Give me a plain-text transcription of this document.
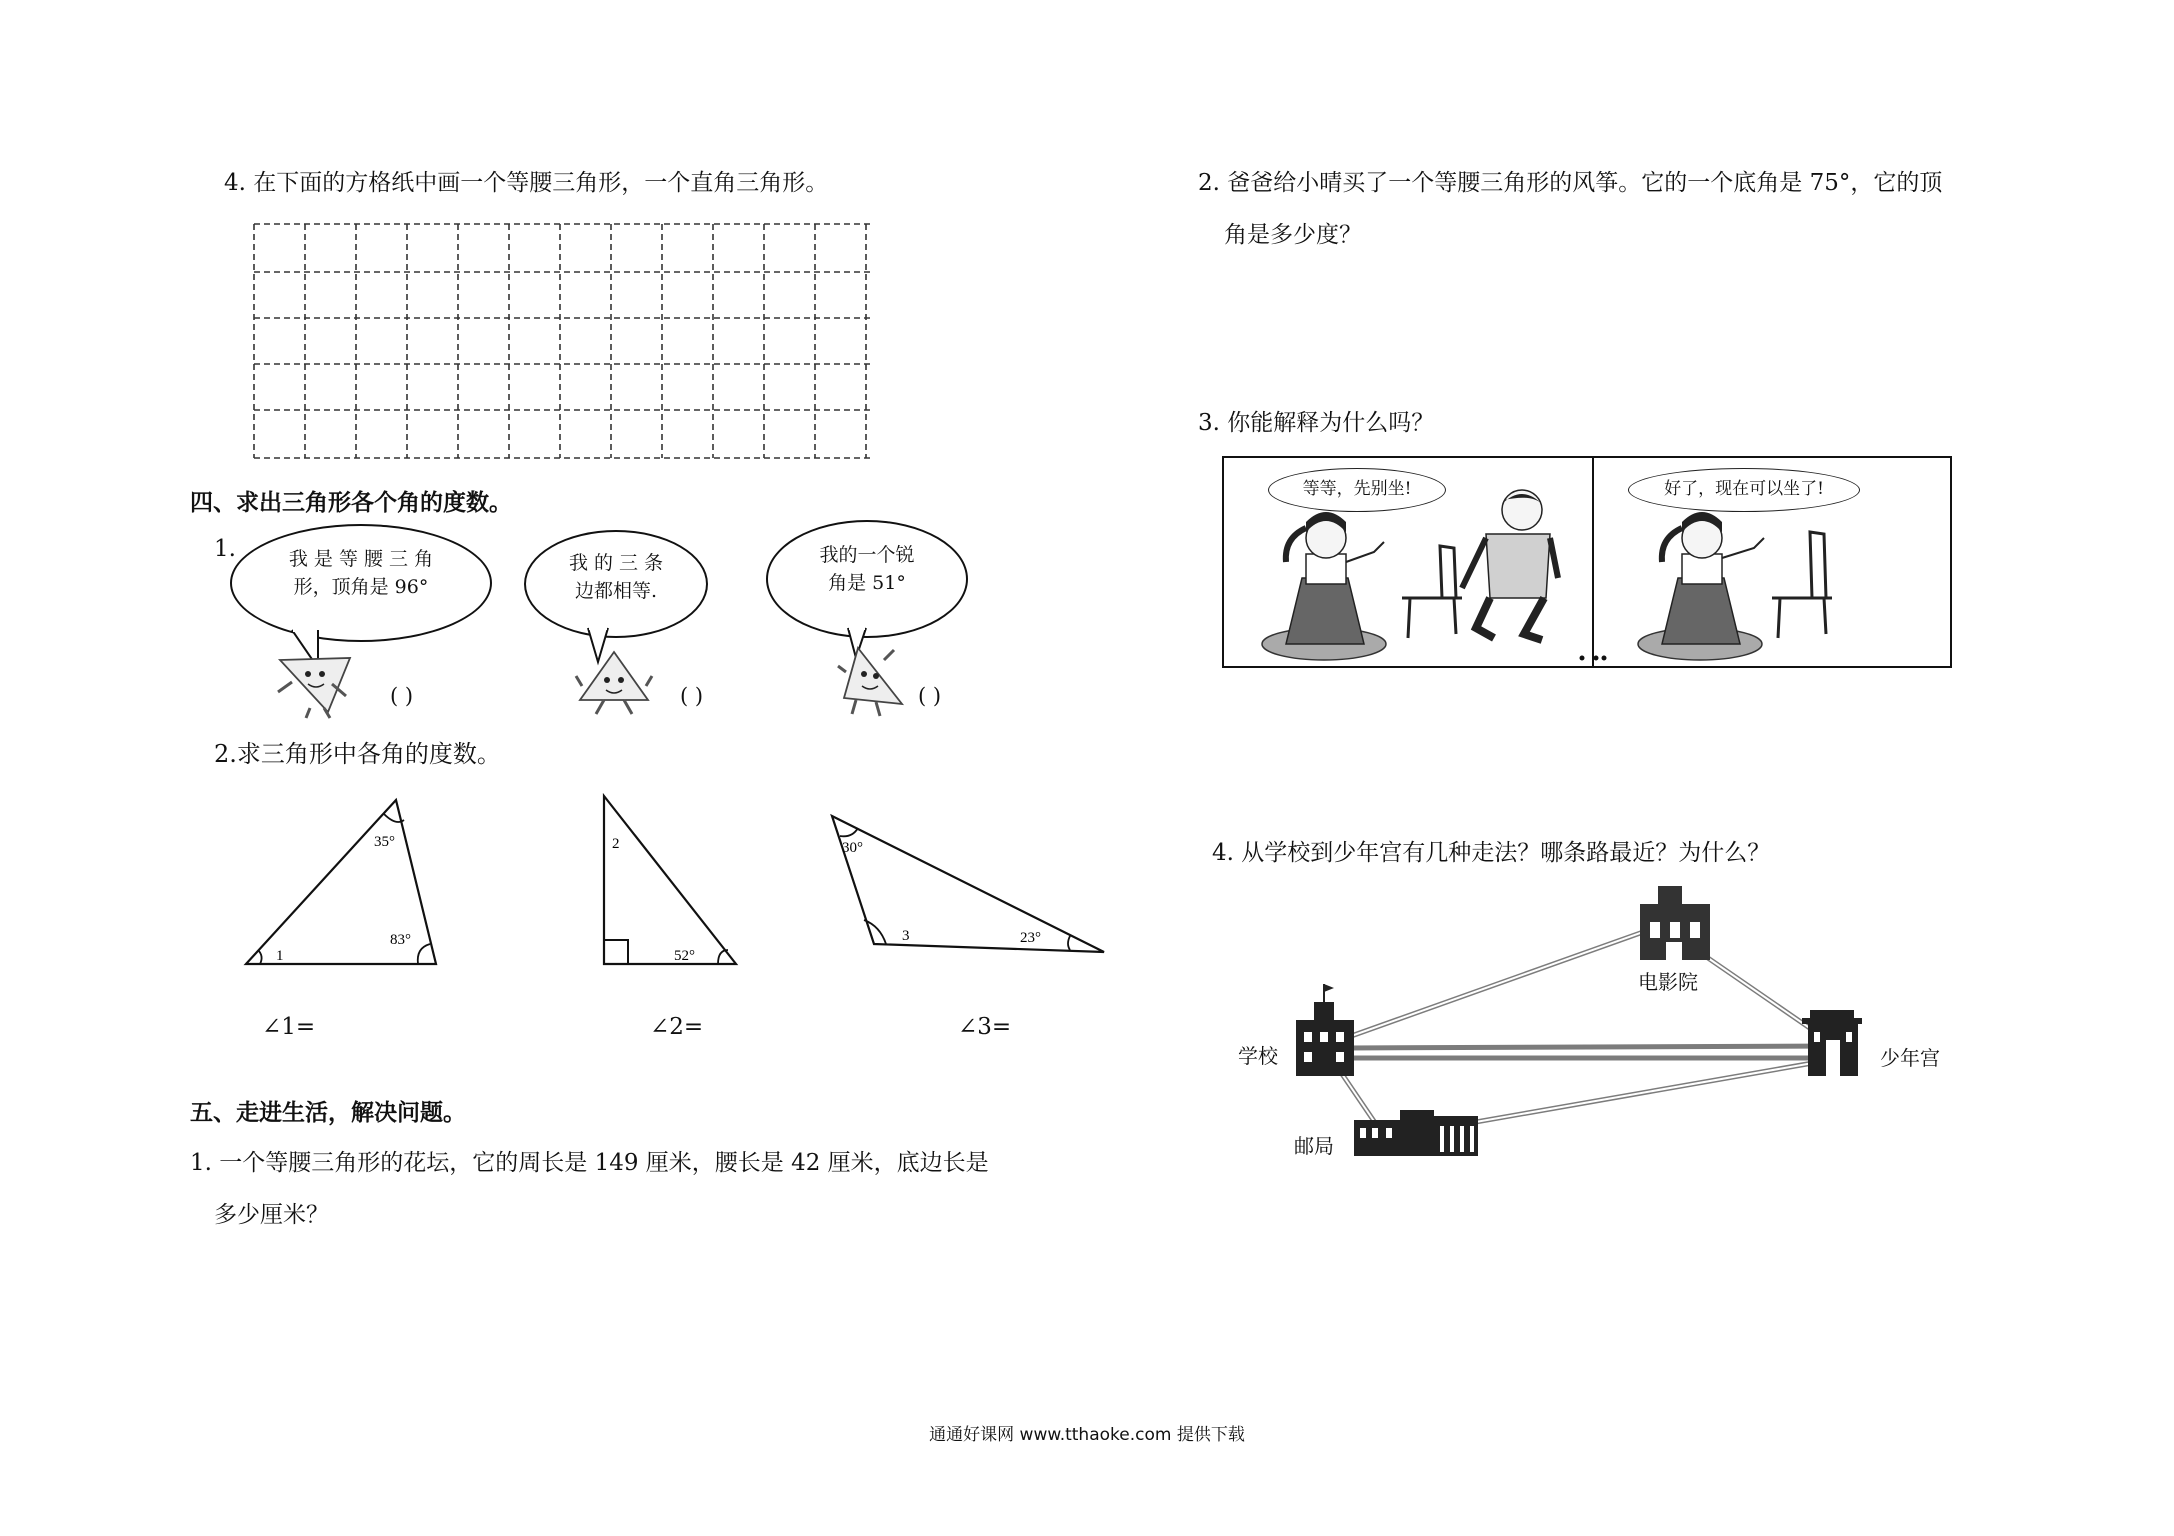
4. 在下面的方格纸中画一个等腰三角形，一个直角三角形。
四、求出三角形各个角的度数。
1.	我 是 等 腰 三 角
形，顶角是 96°
我 的 三 条
边都相等.
我的一个锐
角是 51°
( )	( )	( )
2.求三角形中各角的度数。
35°
83°
1
∠1=
2
52°
∠2=
30°
3	23°
∠3=
五、走进生活，解决问题。
1. 一个等腰三角形的花坛，它的周长是 149 厘米，腰长是 42 厘米，底边长是
多少厘米？
2. 爸爸给小晴买了一个等腰三角形的风筝。它的一个底角是 75°，它的顶
角是多少度？
3. 你能解释为什么吗？
等等，先别坐!	好了，现在可以坐了!
4. 从学校到少年宫有几种走法？哪条路最近？为什么？
电影院
学校	少年宫
邮局
通通好课网 www.tthaoke.com 提供下载
